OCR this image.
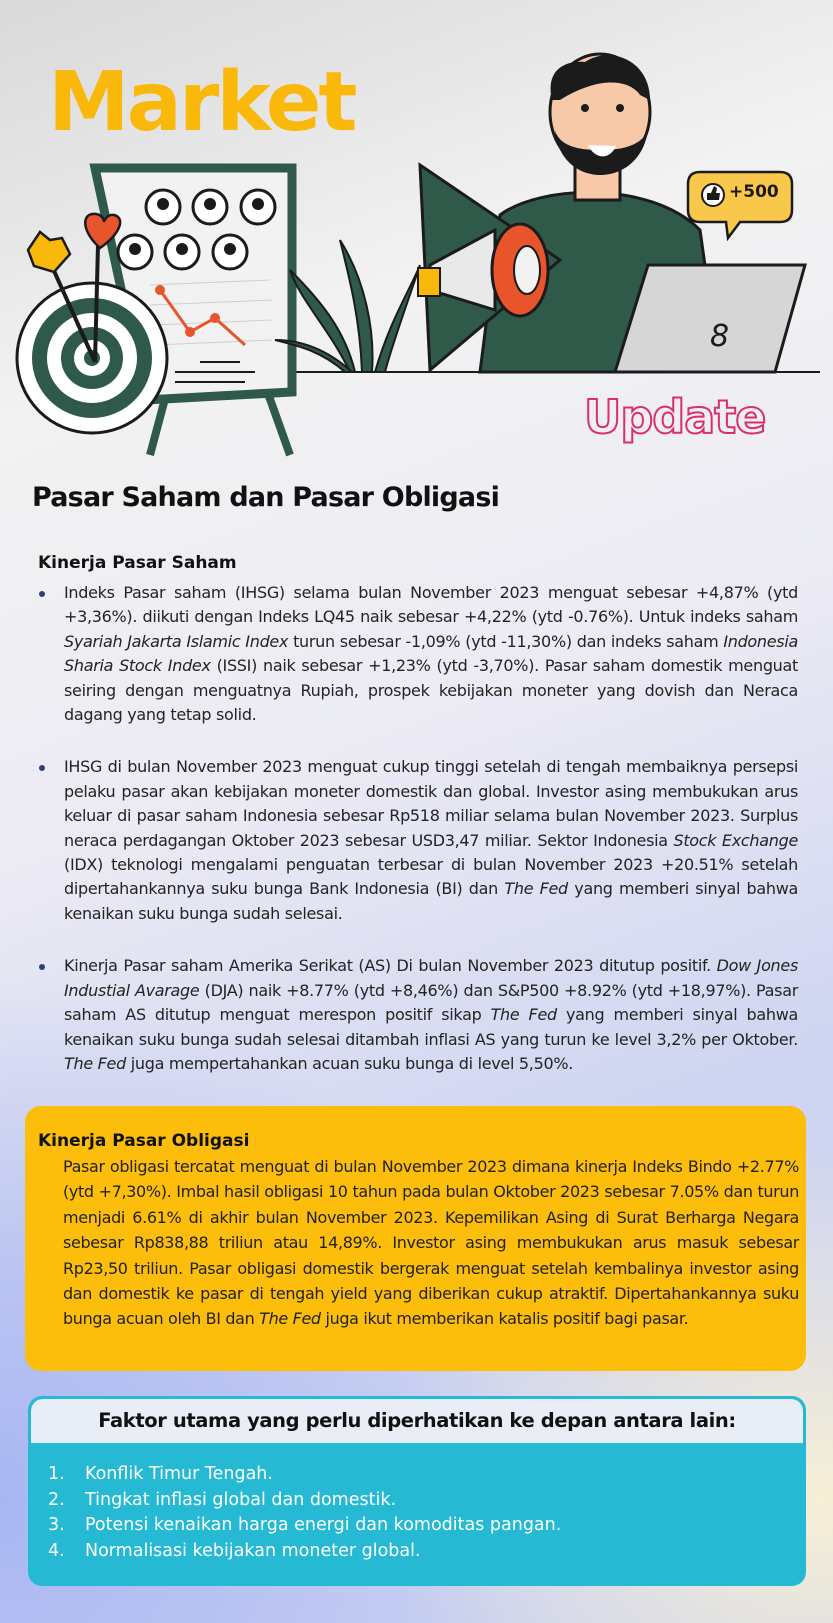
8
Market
Update
+500
Pasar Saham dan Pasar Obligasi
Kinerja Pasar Saham
Indeks Pasar saham (IHSG) selama bulan November 2023 menguat sebesar +4,87% (ytd +3,36%). diikuti dengan Indeks LQ45 naik sebesar +4,22% (ytd -0.76%). Untuk indeks saham Syariah Jakarta Islamic Index turun sebesar -1,09% (ytd -11,30%) dan indeks saham Indonesia Sharia Stock Index (ISSI) naik sebesar +1,23% (ytd -3,70%). Pasar saham domestik menguat seiring dengan menguatnya Rupiah, prospek kebijakan moneter yang dovish dan Neraca dagang yang tetap solid.
IHSG di bulan November 2023 menguat cukup tinggi setelah di tengah membaiknya persepsi pelaku pasar akan kebijakan moneter domestik dan global. Investor asing membukukan arus keluar di pasar saham Indonesia sebesar Rp518 miliar selama bulan November 2023. Surplus neraca perdagangan Oktober 2023 sebesar USD3,47 miliar. Sektor Indonesia Stock Exchange (IDX) teknologi mengalami penguatan terbesar di bulan November 2023 +20.51% setelah dipertahankannya suku bunga Bank Indonesia (BI) dan The Fed yang memberi sinyal bahwa kenaikan suku bunga sudah selesai.
Kinerja Pasar saham Amerika Serikat (AS) Di bulan November 2023 ditutup positif. Dow Jones Industial Avarage (DJA) naik +8.77% (ytd +8,46%) dan S&P500 +8.92% (ytd +18,97%). Pasar saham AS ditutup menguat merespon positif sikap The Fed yang memberi sinyal bahwa kenaikan suku bunga sudah selesai ditambah inflasi AS yang turun ke level 3,2% per Oktober. The Fed juga mempertahankan acuan suku bunga di level 5,50%.
Kinerja Pasar Obligasi
Pasar obligasi tercatat menguat di bulan November 2023 dimana kinerja Indeks Bindo +2.77% (ytd +7,30%). Imbal hasil obligasi 10 tahun pada bulan Oktober 2023 sebesar 7.05% dan turun menjadi 6.61% di akhir bulan November 2023. Kepemilikan Asing di Surat Berharga Negara sebesar Rp838,88 triliun atau 14,89%. Investor asing membukukan arus masuk sebesar Rp23,50 triliun. Pasar obligasi domestik bergerak menguat setelah kembalinya investor asing dan domestik ke pasar di tengah yield yang diberikan cukup atraktif. Dipertahankannya suku bunga acuan oleh BI dan The Fed juga ikut memberikan katalis positif bagi pasar.
Faktor utama yang perlu diperhatikan ke depan antara lain:
1. Konflik Timur Tengah.
2. Tingkat inflasi global dan domestik.
3. Potensi kenaikan harga energi dan komoditas pangan.
4. Normalisasi kebijakan moneter global.
